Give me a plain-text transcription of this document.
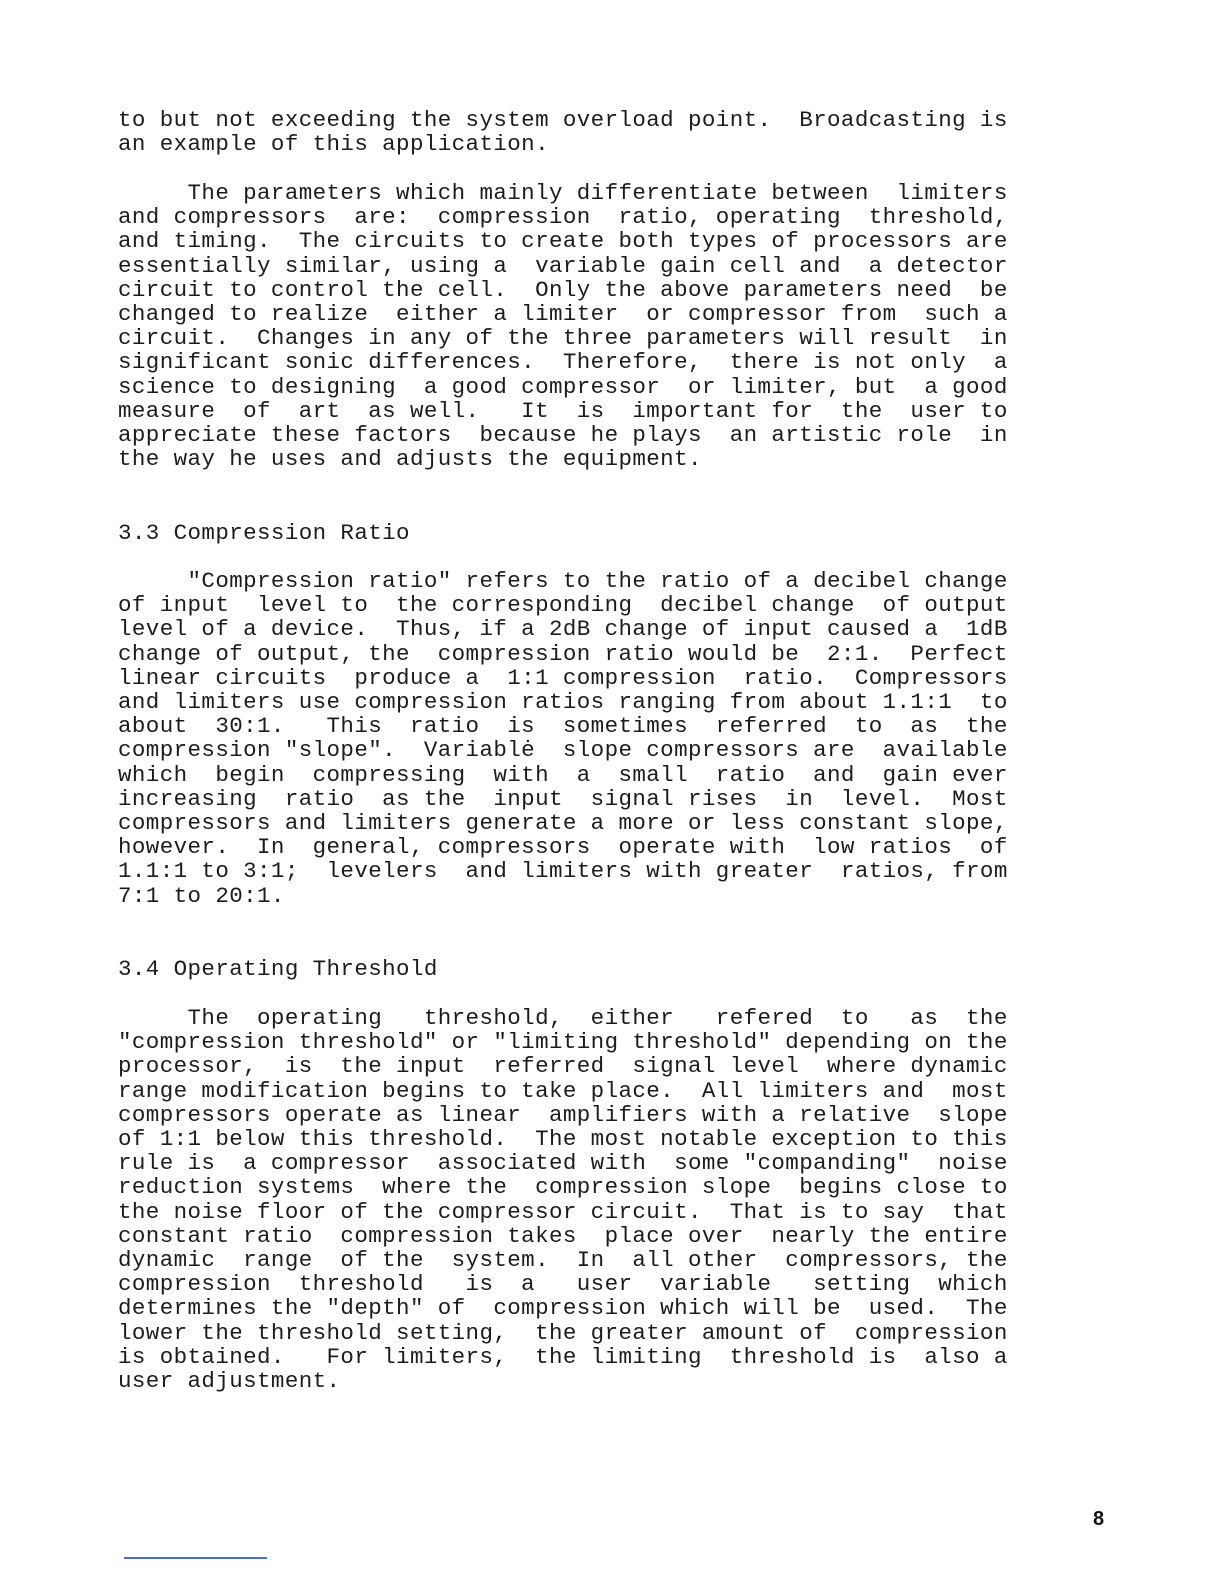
to but not exceeding the system overload point.  Broadcasting is
an example of this application.

The parameters which mainly differentiate between  limiters
and compressors  are:  compression  ratio, operating  threshold,
and timing.  The circuits to create both types of processors are
essentially similar, using a  variable gain cell and  a detector
circuit to control the cell.  Only the above parameters need  be
changed to realize  either a limiter  or compressor from  such a
circuit.  Changes in any of the three parameters will result  in
significant sonic differences.  Therefore,  there is not only  a
science to designing  a good compressor  or limiter, but  a good
measure  of  art  as well.   It  is  important for  the  user to
appreciate these factors  because he plays  an artistic role  in
the way he uses and adjusts the equipment.

3.3 Compression Ratio

"Compression ratio" refers to the ratio of a decibel change
of input  level to  the corresponding  decibel change  of output
level of a device.  Thus, if a 2dB change of input caused a  1dB
change of output, the  compression ratio would be  2:1.  Perfect
linear circuits  produce a  1:1 compression  ratio.  Compressors
and limiters use compression ratios ranging from about 1.1:1  to
about  30:1.   This  ratio  is  sometimes  referred  to  as  the
compression "slope".  Variablė  slope compressors are  available
which  begin  compressing  with  a  small  ratio  and  gain ever
increasing  ratio  as the  input  signal rises  in  level.  Most
compressors and limiters generate a more or less constant slope,
however.  In  general, compressors  operate with  low ratios  of
1.1:1 to 3:1;  levelers  and limiters with greater  ratios, from
7:1 to 20:1.

3.4 Operating Threshold

The  operating   threshold,  either   refered  to   as  the
"compression threshold" or "limiting threshold" depending on the
processor,  is  the input  referred  signal level  where dynamic
range modification begins to take place.  All limiters and  most
compressors operate as linear  amplifiers with a relative  slope
of 1:1 below this threshold.  The most notable exception to this
rule is  a compressor  associated with  some "companding"  noise
reduction systems  where the  compression slope  begins close to
the noise floor of the compressor circuit.  That is to say  that
constant ratio  compression takes  place over  nearly the entire
dynamic  range  of the  system.  In  all other  compressors, the
compression  threshold   is  a   user  variable   setting  which
determines the "depth" of  compression which will be  used.  The
lower the threshold setting,  the greater amount of  compression
is obtained.   For limiters,  the limiting  threshold is  also a
user adjustment.

8
